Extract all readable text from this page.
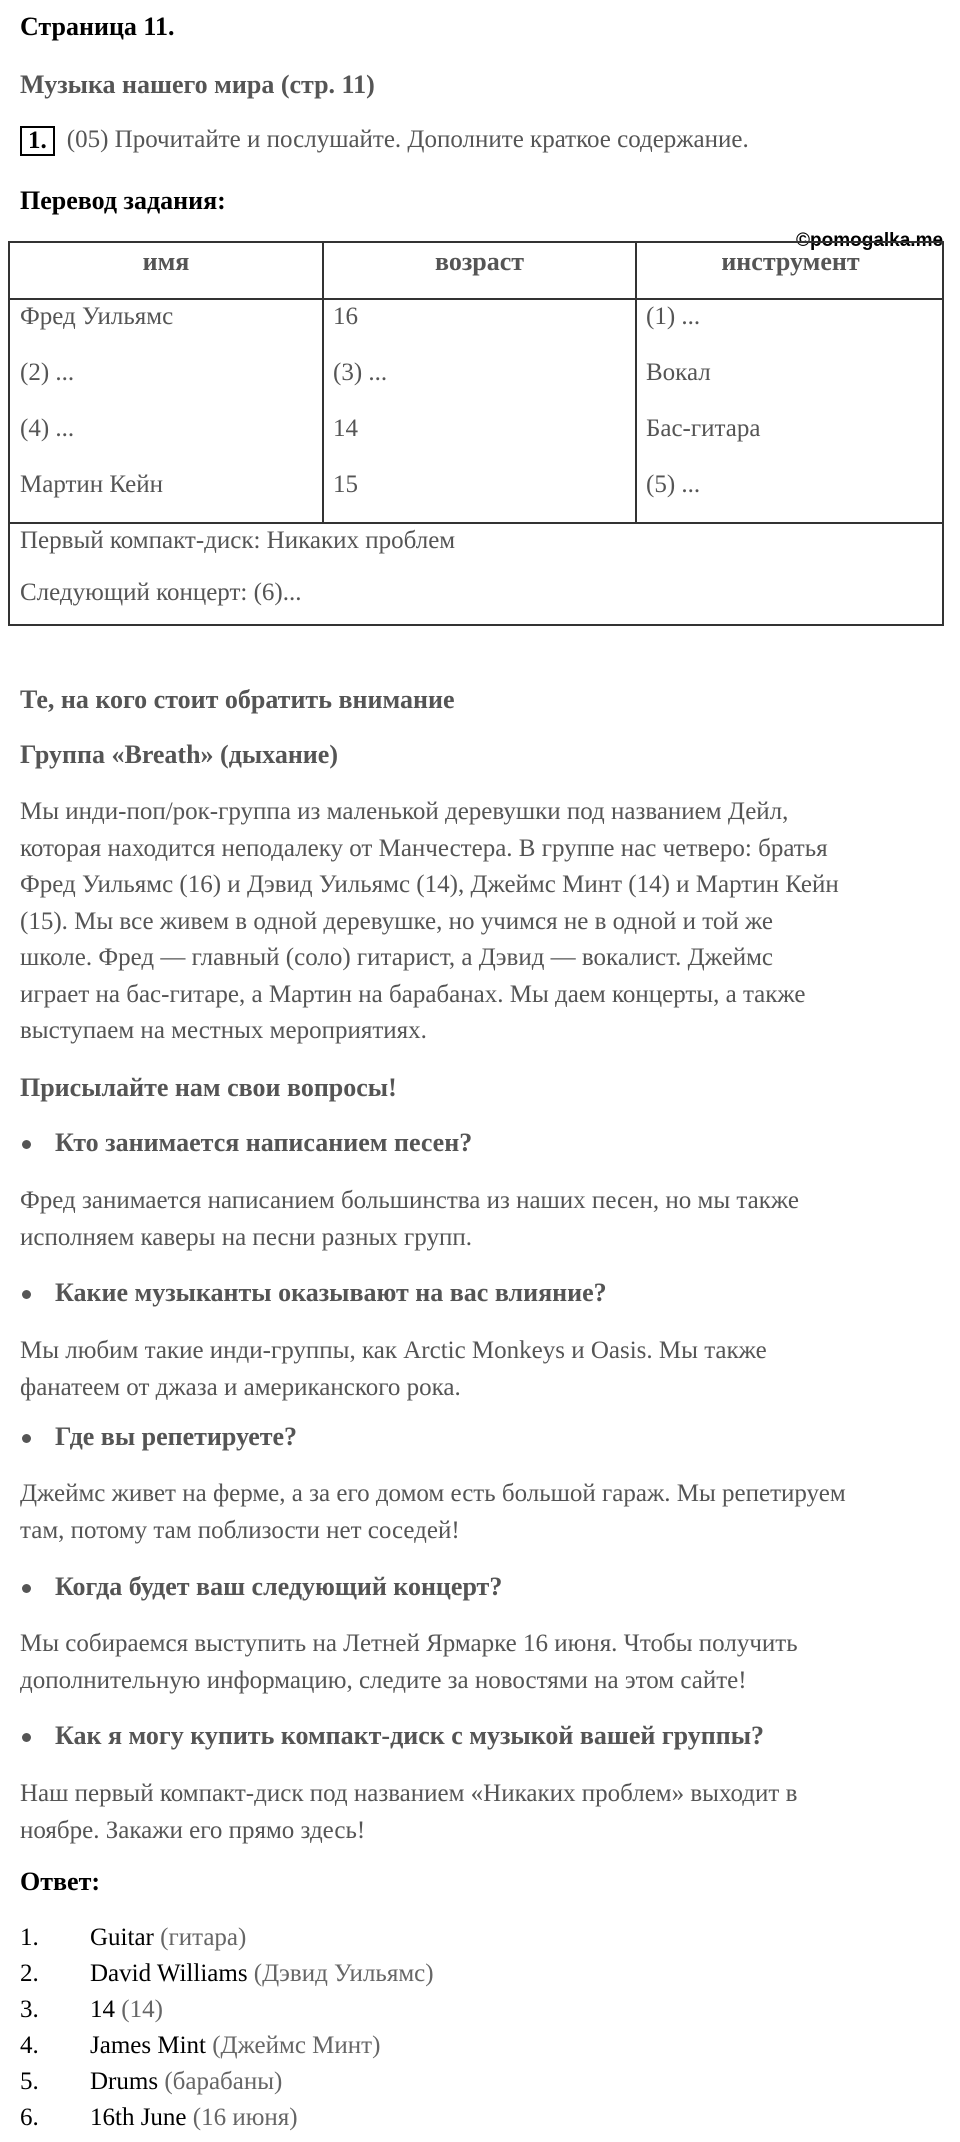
Страница 11.
Музыка нашего мира (стр. 11)
1. (05) Прочитайте и послушайте. Дополните краткое содержание.
Перевод задания:
©pomogalka.me
имя	возраст	инструмент
Фред Уильямс	16	(1) ...
(2) ...	(3) ...	Вокал
(4) ...	14	Бас-гитара
Мартин Кейн	15	(5) ...
Первый компакт-диск: Никаких проблем
Следующий концерт: (6)...
Те, на кого стоит обратить внимание
Группа «Breath» (дыхание)
Мы инди-поп/рок-группа из маленькой деревушки под названием Дейл,
которая находится неподалеку от Манчестера. В группе нас четверо: братья
Фред Уильямс (16) и Дэвид Уильямс (14), Джеймс Минт (14) и Мартин Кейн
(15). Мы все живем в одной деревушке, но учимся не в одной и той же
школе. Фред — главный (соло) гитарист, а Дэвид — вокалист. Джеймс
играет на бас-гитаре, а Мартин на барабанах. Мы даем концерты, а также
выступаем на местных мероприятиях.
Присылайте нам свои вопросы!
Кто занимается написанием песен?
Фред занимается написанием большинства из наших песен, но мы также
исполняем каверы на песни разных групп.
Какие музыканты оказывают на вас влияние?
Мы любим такие инди-группы, как Arctic Monkeys и Oasis. Мы также
фанатеем от джаза и американского рока.
Где вы репетируете?
Джеймс живет на ферме, а за его домом есть большой гараж. Мы репетируем
там, потому там поблизости нет соседей!
Когда будет ваш следующий концерт?
Мы собираемся выступить на Летней Ярмарке 16 июня. Чтобы получить
дополнительную информацию, следите за новостями на этом сайте!
Как я могу купить компакт-диск с музыкой вашей группы?
Наш первый компакт-диск под названием «Никаких проблем» выходит в
ноябре. Закажи его прямо здесь!
Ответ:
1. Guitar (гитара)
2. David Williams (Дэвид Уильямс)
3. 14 (14)
4. James Mint (Джеймс Минт)
5. Drums (барабаны)
6. 16th June (16 июня)
